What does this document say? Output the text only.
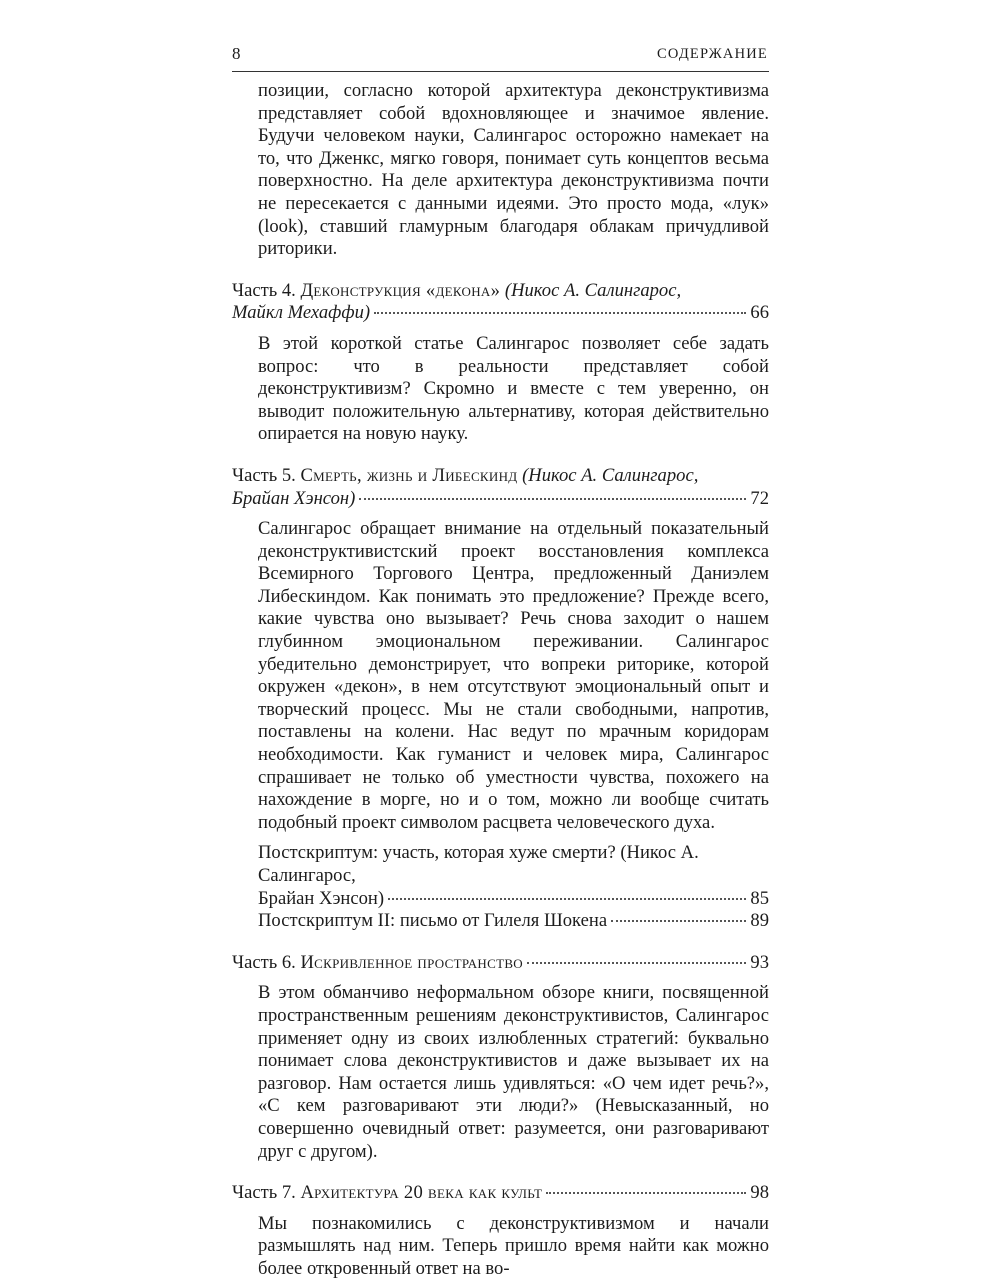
8	СОДЕРЖАНИЕ

позиции, согласно которой архитектура деконструктивизма представляет собой вдохновляющее и значимое явление. Будучи человеком науки, Салингарос осторожно намекает на то, что Дженкс, мягко говоря, понимает суть концептов весьма поверхностно. На деле архитектура деконструктивизма почти не пересекается с данными идеями. Это просто мода, «лук» (look), ставший гламурным благодаря облакам причудливой риторики.

Часть 4. Деконструкция «декона» (Никос А. Салингарос,
Майкл Мехаффи)	66

В этой короткой статье Салингарос позволяет себе задать вопрос: что в реальности представляет собой деконструктивизм? Скромно и вместе с тем уверенно, он выводит положительную альтернативу, которая действительно опирается на новую науку.

Часть 5. Смерть, жизнь и Либескинд (Никос А. Салингарос,
Брайан Хэнсон)	72

Салингарос обращает внимание на отдельный показательный деконструктивистский проект восстановления комплекса Всемирного Торгового Центра, предложенный Даниэлем Либескиндом. Как понимать это предложение? Прежде всего, какие чувства оно вызывает? Речь снова заходит о нашем глубинном эмоциональном переживании. Салингарос убедительно демонстрирует, что вопреки риторике, которой окружен «декон», в нем отсутствуют эмоциональный опыт и творческий процесс. Мы не стали свободными, напротив, поставлены на колени. Нас ведут по мрачным коридорам необходимости. Как гуманист и человек мира, Салингарос спрашивает не только об уместности чувства, похожего на нахождение в морге, но и о том, можно ли вообще считать подобный проект символом расцвета человеческого духа.

Постскриптум: участь, которая хуже смерти? (Никос А. Салингарос,
Брайан Хэнсон)	85
Постскриптум II: письмо от Гилеля Шокена	89
Часть 6. Искривленное пространство	93

В этом обманчиво неформальном обзоре книги, посвященной пространственным решениям деконструктивистов, Салингарос применяет одну из своих излюбленных стратегий: буквально понимает слова деконструктивистов и даже вызывает их на разговор. Нам остается лишь удивляться: «О чем идет речь?», «С кем разговаривают эти люди?» (Невысказанный, но совершенно очевидный ответ: разумеется, они разговаривают друг с другом).

Часть 7. Архитектура 20 века как культ	98

Мы познакомились с деконструктивизмом и начали размышлять над ним. Теперь пришло время найти как можно более откровенный ответ на во-
